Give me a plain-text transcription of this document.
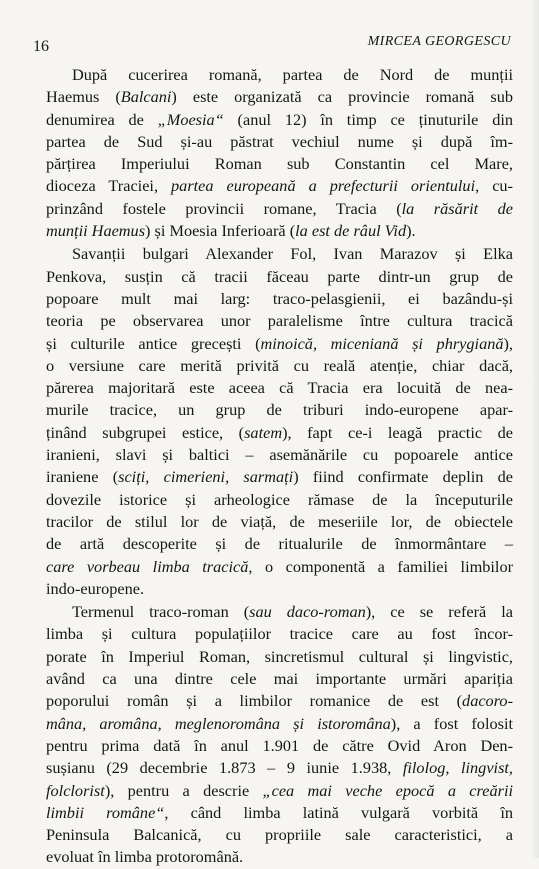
16	MIRCEA GEORGESCU
După cucerirea romană, partea de Nord de munții
Haemus (Balcani) este organizată ca provincie romană sub
denumirea de „Moesia“ (anul 12) în timp ce ținuturile din
partea de Sud și-au păstrat vechiul nume și după îm-
părțirea Imperiului Roman sub Constantin cel Mare,
dioceza Traciei, partea europeană a prefecturii orientului, cu-
prinzând fostele provincii romane, Tracia (la răsărit de
munții Haemus) și Moesia Inferioară (la est de râul Vid).
Savanții bulgari Alexander Fol, Ivan Marazov și Elka
Penkova, susțin că tracii făceau parte dintr-un grup de
popoare mult mai larg: traco-pelasgienii, ei bazându-și
teoria pe observarea unor paralelisme între cultura tracică
și culturile antice grecești (minoică, miceniană și phrygiană),
o versiune care merită privită cu reală atenție, chiar dacă,
părerea majoritară este aceea că Tracia era locuită de nea-
murile tracice, un grup de triburi indo-europene apar-
ținând subgrupei estice, (satem), fapt ce-i leagă practic de
iranieni, slavi și baltici – asemănările cu popoarele antice
iraniene (sciți, cimerieni, sarmați) fiind confirmate deplin de
dovezile istorice și arheologice rămase de la începuturile
tracilor de stilul lor de viață, de meseriile lor, de obiectele
de artă descoperite și de ritualurile de înmormântare –
care vorbeau limba tracică, o componentă a familiei limbilor
indo-europene.
Termenul traco-roman (sau daco-roman), ce se referă la
limba și cultura populațiilor tracice care au fost încor-
porate în Imperiul Roman, sincretismul cultural și lingvistic,
având ca una dintre cele mai importante urmări apariția
poporului român și a limbilor romanice de est (dacoro-
mâna, aromâna, meglenoromâna și istoromâna), a fost folosit
pentru prima dată în anul 1.901 de către Ovid Aron Den-
sușianu (29 decembrie 1.873 – 9 iunie 1.938, filolog, lingvist,
folclorist), pentru a descrie „cea mai veche epocă a creării
limbii române“, când limba latină vulgară vorbită în
Peninsula Balcanică, cu propriile sale caracteristici, a
evoluat în limba protoromână.
